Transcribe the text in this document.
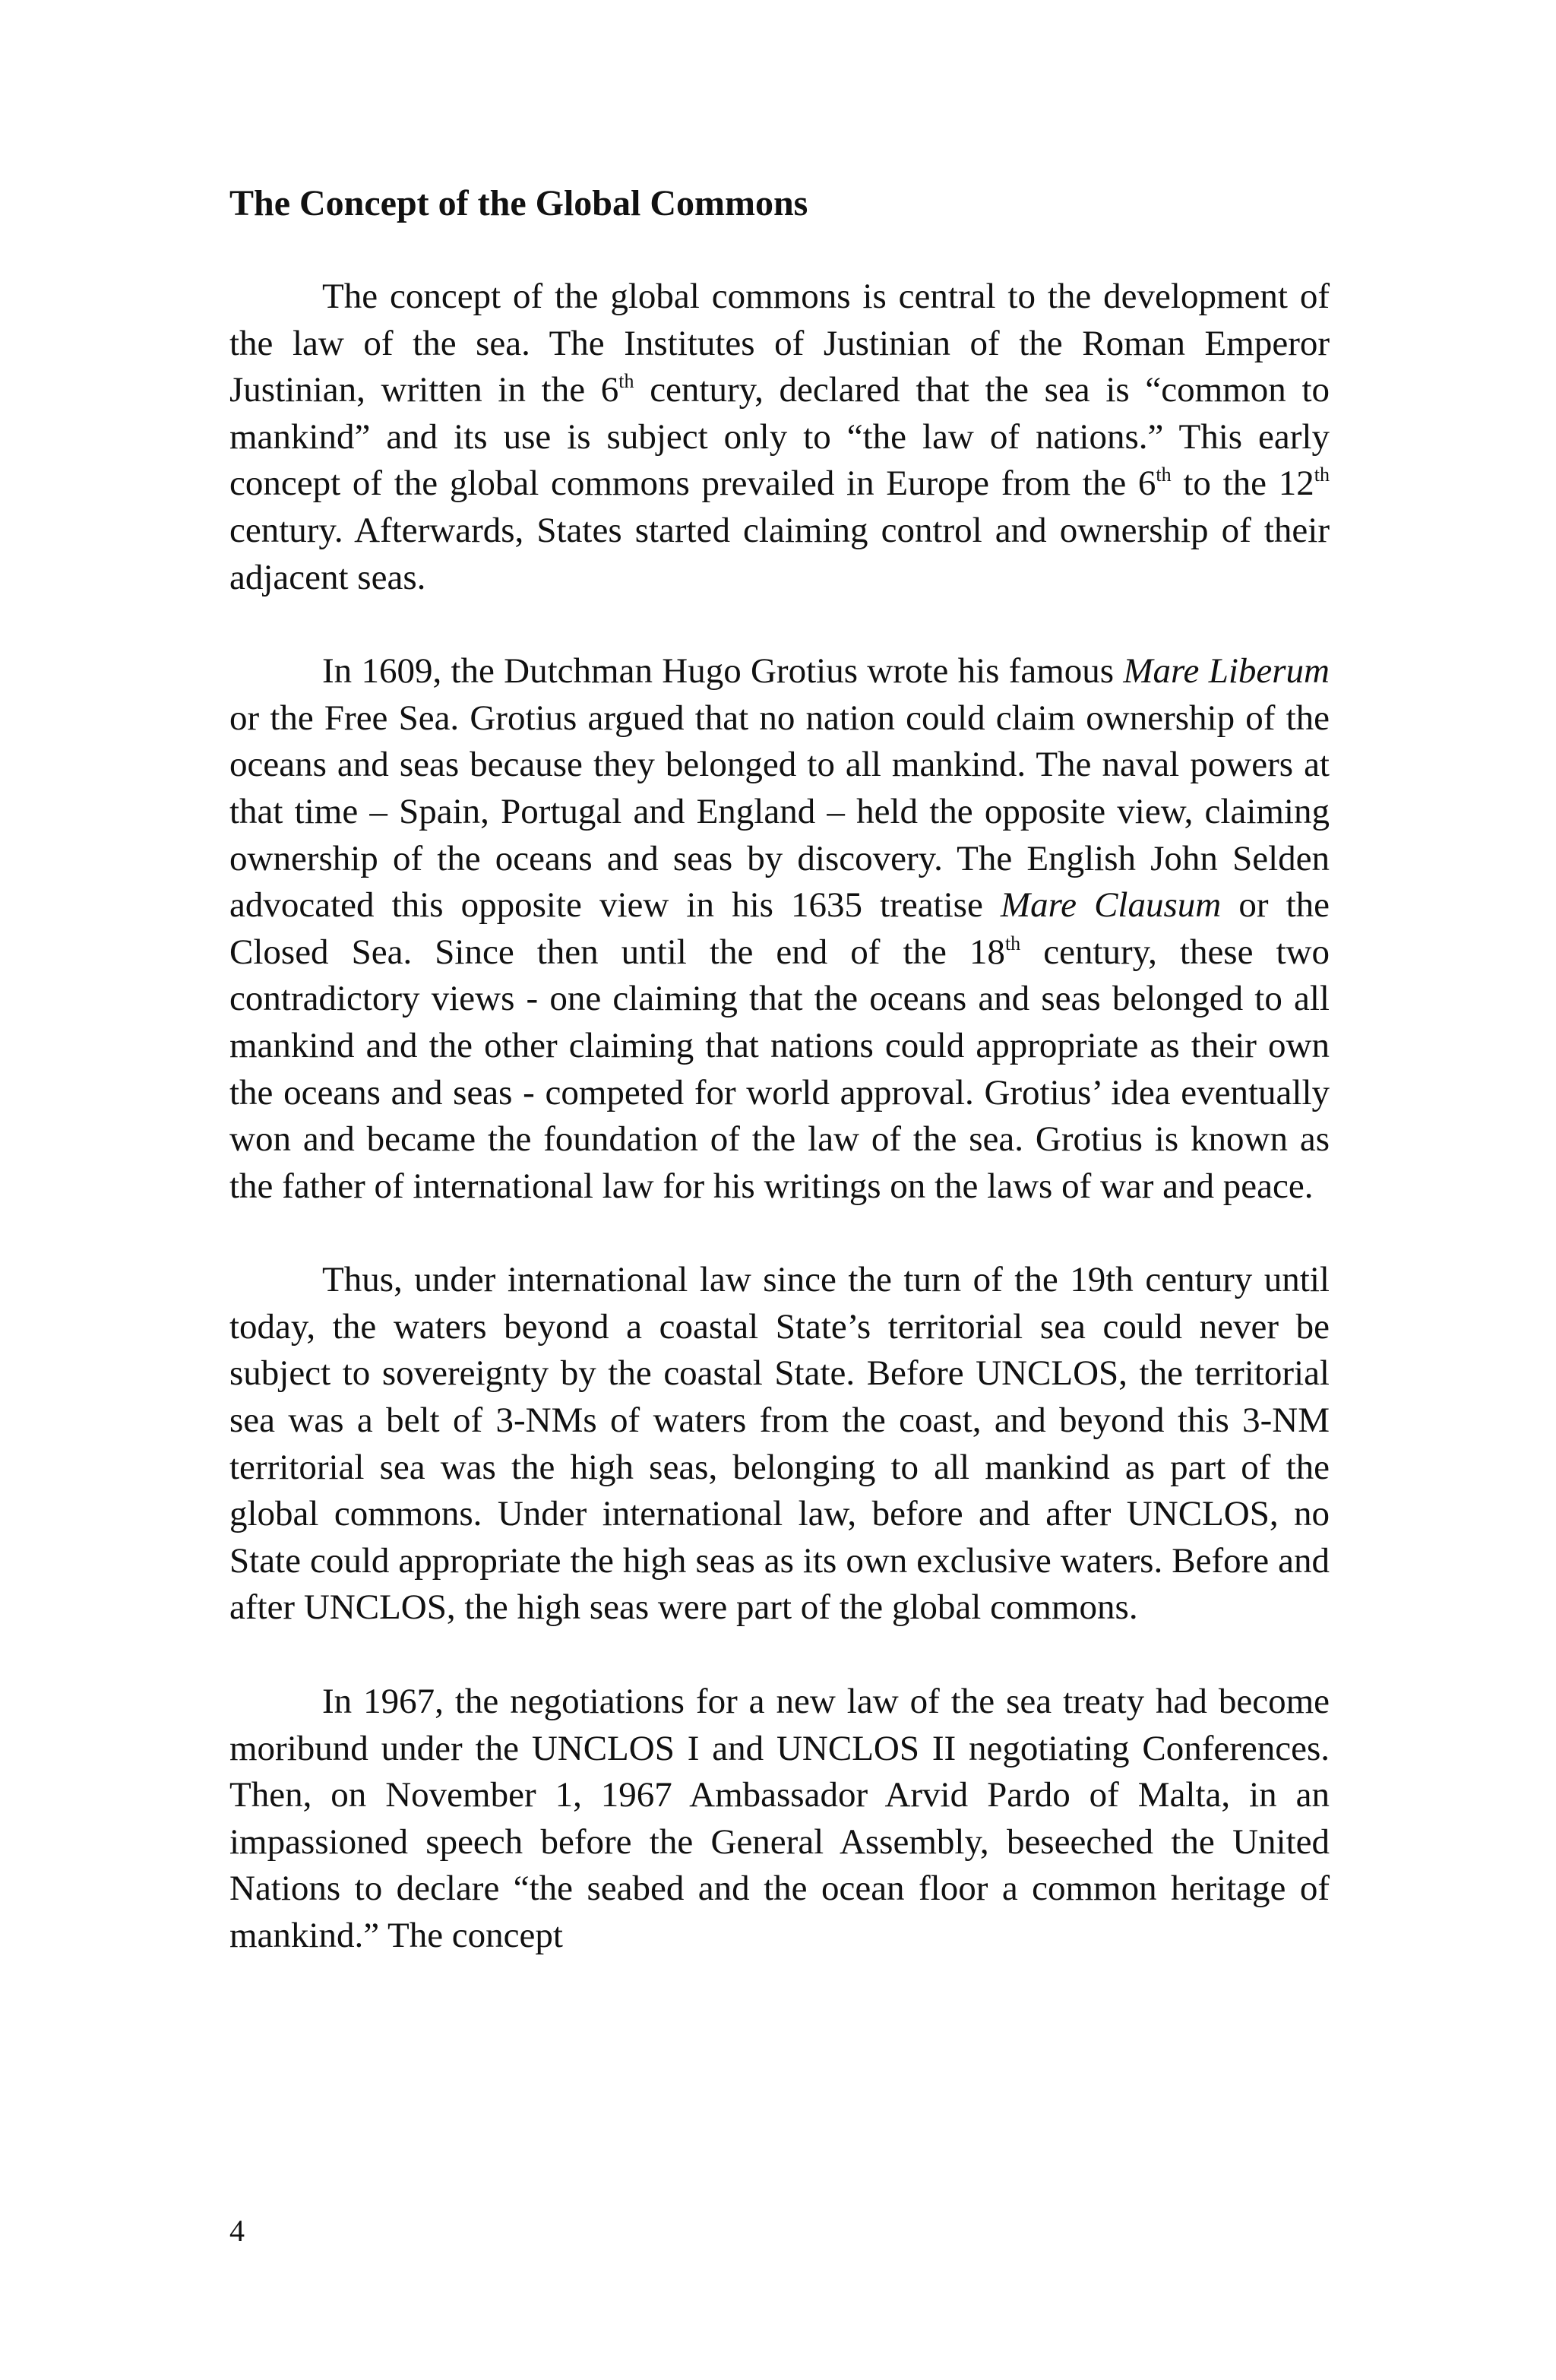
The Concept of the Global Commons

The concept of the global commons is central to the development of the law of the sea. The Institutes of Justinian of the Roman Emperor Justinian, written in the 6th century, declared that the sea is “common to mankind” and its use is subject only to “the law of nations.” This early concept of the global commons prevailed in Europe from the 6th to the 12th century. Afterwards, States started claiming control and ownership of their adjacent seas.

In 1609, the Dutchman Hugo Grotius wrote his famous Mare Liberum or the Free Sea. Grotius argued that no nation could claim ownership of the oceans and seas because they belonged to all mankind. The naval powers at that time – Spain, Portugal and England – held the opposite view, claiming ownership of the oceans and seas by discovery. The English John Selden advocated this opposite view in his 1635 treatise Mare Clausum or the Closed Sea. Since then until the end of the 18th century, these two contradictory views - one claiming that the oceans and seas belonged to all mankind and the other claiming that nations could appropriate as their own the oceans and seas - competed for world approval. Grotius’ idea eventually won and became the foundation of the law of the sea. Grotius is known as the father of international law for his writings on the laws of war and peace.

Thus, under international law since the turn of the 19th century until today, the waters beyond a coastal State’s territorial sea could never be subject to sovereignty by the coastal State. Before UNCLOS, the territorial sea was a belt of 3-NMs of waters from the coast, and beyond this 3-NM territorial sea was the high seas, belonging to all mankind as part of the global commons. Under international law, before and after UNCLOS, no State could appropriate the high seas as its own exclusive waters. Before and after UNCLOS, the high seas were part of the global commons.

In 1967, the negotiations for a new law of the sea treaty had become moribund under the UNCLOS I and UNCLOS II negotiating Conferences. Then, on November 1, 1967 Ambassador Arvid Pardo of Malta, in an impassioned speech before the General Assembly, beseeched the United Nations to declare “the seabed and the ocean floor a common heritage of mankind.” The concept

4
